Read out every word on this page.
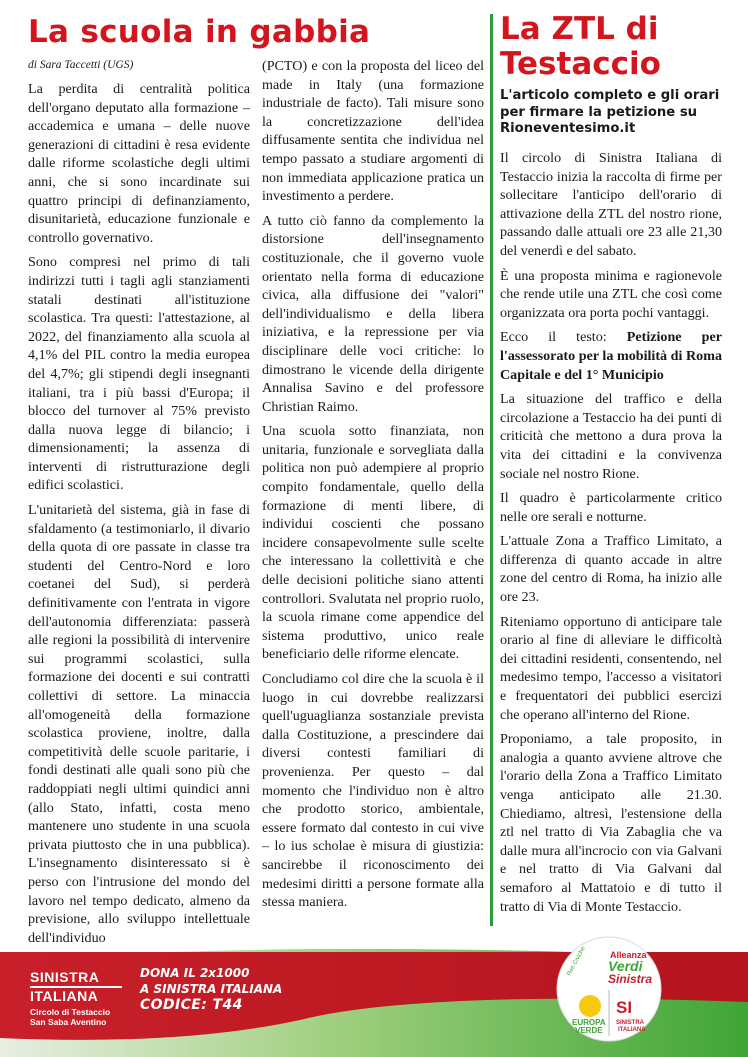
La scuola in gabbia
di Sara Taccetti (UGS)

La perdita di centralità politica dell'organo deputato alla formazione – accademica e umana – delle nuove generazioni di cittadini è resa evidente dalle riforme scolastiche degli ultimi anni, che si sono incardinate sui quattro principi di definanziamento, disunitarietà, educazione funzionale e controllo governativo.

Sono compresi nel primo di tali indirizzi tutti i tagli agli stanziamenti statali destinati all'istituzione scolastica. Tra questi: l'attestazione, al 2022, del finanziamento alla scuola al 4,1% del PIL contro la media europea del 4,7%; gli stipendi degli insegnanti italiani, tra i più bassi d'Europa; il blocco del turnover al 75% previsto dalla nuova legge di bilancio; i dimensionamenti; la assenza di interventi di ristrutturazione degli edifici scolastici.

L'unitarietà del sistema, già in fase di sfaldamento (a testimoniarlo, il divario della quota di ore passate in classe tra studenti del Centro-Nord e loro coetanei del Sud), si perderà definitivamente con l'entrata in vigore dell'autonomia differenziata: passerà alle regioni la possibilità di intervenire sui programmi scolastici, sulla formazione dei docenti e sui contratti collettivi di settore. La minaccia all'omogeneità della formazione scolastica proviene, inoltre, dalla competitività delle scuole paritarie, i fondi destinati alle quali sono più che raddoppiati negli ultimi quindici anni (allo Stato, infatti, costa meno mantenere uno studente in una scuola privata piuttosto che in una pubblica). L'insegnamento disinteressato si è perso con l'intrusione del mondo del lavoro nel tempo dedicato, almeno da previsione, allo sviluppo intellettuale dell'individuo

(PCTO) e con la proposta del liceo del made in Italy (una formazione industriale de facto). Tali misure sono la concretizzazione dell'idea diffusamente sentita che individua nel tempo passato a studiare argomenti di non immediata applicazione pratica un investimento a perdere.

A tutto ciò fanno da complemento la distorsione dell'insegnamento costituzionale, che il governo vuole orientato nella forma di educazione civica, alla diffusione dei "valori" dell'individualismo e della libera iniziativa, e la repressione per via disciplinare delle voci critiche: lo dimostrano le vicende della dirigente Annalisa Savino e del professore Christian Raimo.

Una scuola sotto finanziata, non unitaria, funzionale e sorvegliata dalla politica non può adempiere al proprio compito fondamentale, quello della formazione di menti libere, di individui coscienti che possano incidere consapevolmente sulle scelte che interessano la collettività e che delle decisioni politiche siano attenti controllori. Svalutata nel proprio ruolo, la scuola rimane come appendice del sistema produttivo, unico reale beneficiario delle riforme elencate.

Concludiamo col dire che la scuola è il luogo in cui dovrebbe realizzarsi quell'uguaglianza sostanziale prevista dalla Costituzione, a prescindere dai diversi contesti familiari di provenienza. Per questo – dal momento che l'individuo non è altro che prodotto storico, ambientale, essere formato dal contesto in cui vive – lo ius scholae è misura di giustizia: sancirebbe il riconoscimento dei medesimi diritti a persone formate alla stessa maniera.

La ZTL di Testaccio
L'articolo completo e gli orari per firmare la petizione su Rioneventesimo.it

Il circolo di Sinistra Italiana di Testaccio inizia la raccolta di firme per sollecitare l'anticipo dell'orario di attivazione della ZTL del nostro rione, passando dalle attuali ore 23 alle 21,30 del venerdì e del sabato.

È una proposta minima e ragionevole che rende utile una ZTL che così come organizzata ora porta pochi vantaggi.

Ecco il testo: Petizione per l'assessorato per la mobilità di Roma Capitale e del 1° Municipio

La situazione del traffico e della circolazione a Testaccio ha dei punti di criticità che mettono a dura prova la vita dei cittadini e la convivenza sociale nel nostro Rione.

Il quadro è particolarmente critico nelle ore serali e notturne.

L'attuale Zona a Traffico Limitato, a differenza di quanto accade in altre zone del centro di Roma, ha inizio alle ore 23.

Riteniamo opportuno di anticipare tale orario al fine di alleviare le difficoltà dei cittadini residenti, consentendo, nel medesimo tempo, l'accesso a visitatori e frequentatori dei pubblici esercizi che operano all'interno del Rione.

Proponiamo, a tale proposito, in analogia a quanto avviene altrove che l'orario della Zona a Traffico Limitato venga anticipato alle 21.30. Chiediamo, altresì, l'estensione della ztl nel tratto di Via Zabaglia che va dalle mura all'incrocio con via Galvani e nel tratto di Via Galvani dal semaforo al Mattatoio e di tutto il tratto di Via di Monte Testaccio.

SINISTRA
ITALIANA
Circolo di Testaccio
San Saba Aventino
DONA IL 2x1000
A SINISTRA ITALIANA
CODICE: T44
Reti Civiche	Alleanza
Verdi
Sinistra
EUROPA
VERDE
SI
SINISTRA
ITALIANA
